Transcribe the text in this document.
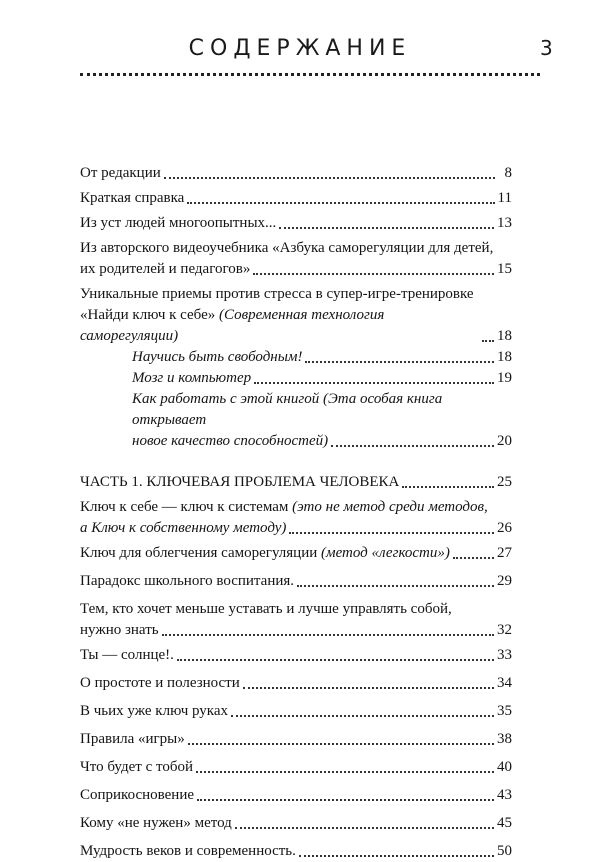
СОДЕРЖАНИЕ	3
От редакции	8
Краткая справка	11
Из уст людей многоопытных...	13
Из авторского видеоучебника «Азбука саморегуляции для детей,
их родителей и педагогов»	15
Уникальные приемы против стресса в супер-игре-тренировке
«Найди ключ к себе» (Современная технология саморегуляции)	18
Научись быть свободным!	18
Мозг и компьютер	19
Как работать с этой книгой (Эта особая книга открывает
новое качество способностей)	20
ЧАСТЬ 1. КЛЮЧЕВАЯ ПРОБЛЕМА ЧЕЛОВЕКА	25
Ключ к себе — ключ к системам (это не метод среди методов,
а Ключ к собственному методу)	26
Ключ для облегчения саморегуляции (метод «легкости»)	27
Парадокс школьного воспитания.	29
Тем, кто хочет меньше уставать и лучше управлять собой,
нужно знать	32
Ты — солнце!.	33
О простоте и полезности	34
В чьих уже ключ руках	35
Правила «игры»	38
Что будет с тобой	40
Соприкосновение	43
Кому «не нужен» метод	45
Мудрость веков и современность.	50
